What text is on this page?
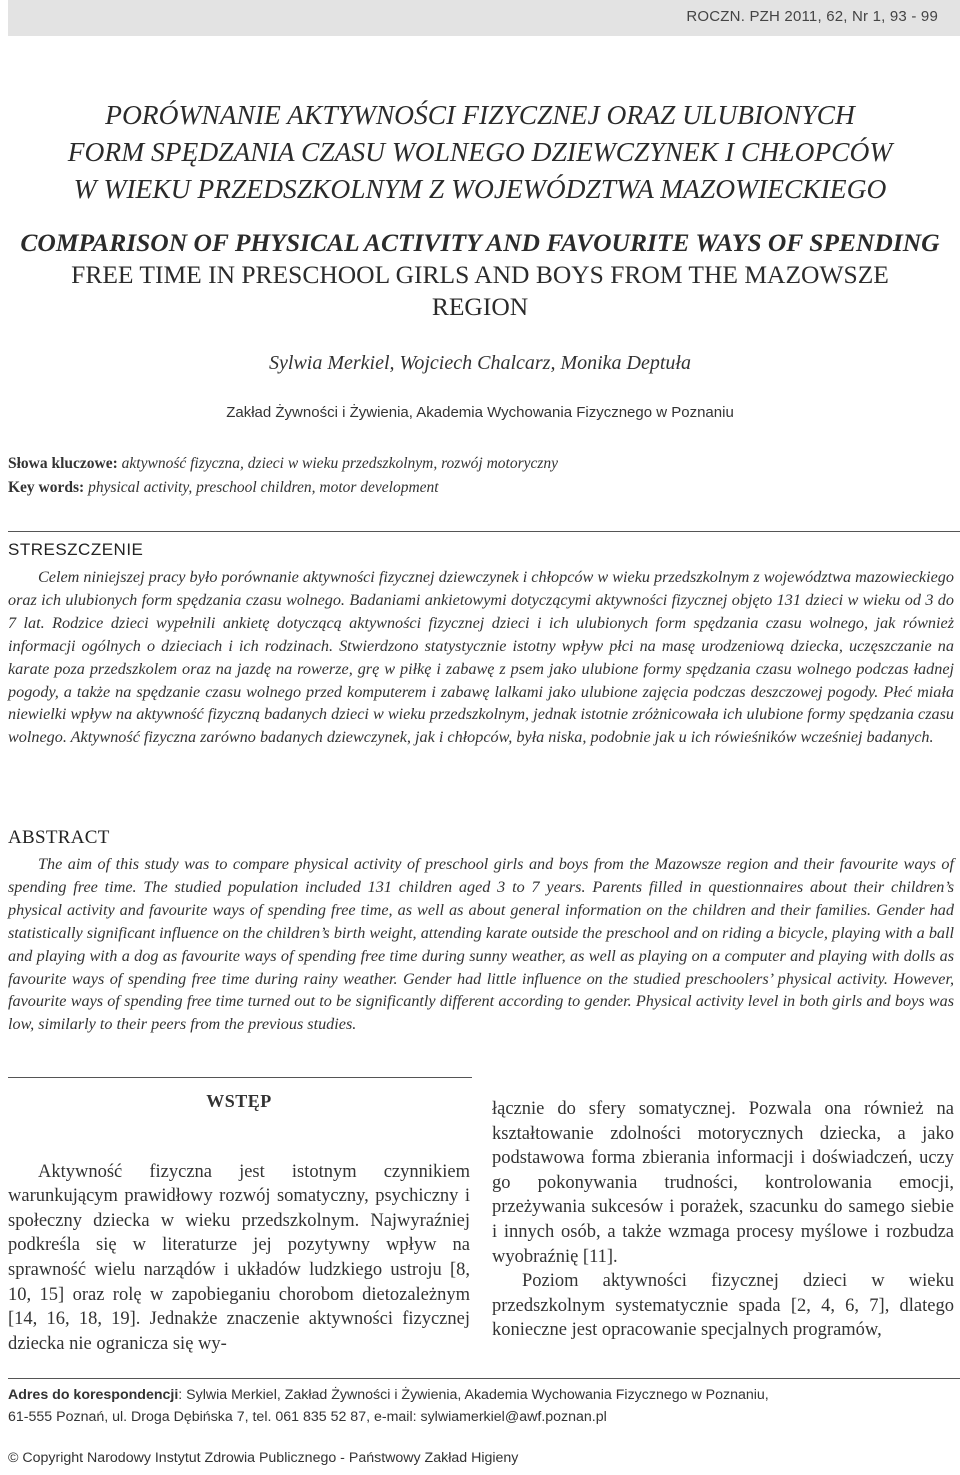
ROCZN. PZH 2011, 62, Nr 1, 93 - 99
PORÓWNANIE AKTYWNOŚCI FIZYCZNEJ ORAZ ULUBIONYCH
FORM SPĘDZANIA CZASU WOLNEGO DZIEWCZYNEK I CHŁOPCÓW
W WIEKU PRZEDSZKOLNYM Z WOJEWÓDZTWA MAZOWIECKIEGO
COMPARISON OF PHYSICAL ACTIVITY AND FAVOURITE WAYS OF SPENDING
FREE TIME IN PRESCHOOL GIRLS AND BOYS FROM THE MAZOWSZE
REGION
Sylwia Merkiel, Wojciech Chalcarz, Monika Deptuła
Zakład Żywności i Żywienia, Akademia Wychowania Fizycznego w Poznaniu
Słowa kluczowe: aktywność fizyczna, dzieci w wieku przedszkolnym, rozwój motoryczny
Key words: physical activity, preschool children, motor development
STRESZCZENIE

Celem niniejszej pracy było porównanie aktywności fizycznej dziewczynek i chłopców w wieku przedszkolnym z województwa mazowieckiego oraz ich ulubionych form spędzania czasu wolnego. Badaniami ankietowymi dotyczącymi aktywności fizycznej objęto 131 dzieci w wieku od 3 do 7 lat. Rodzice dzieci wypełnili ankietę dotyczącą aktywności fizycznej dzieci i ich ulubionych form spędzania czasu wolnego, jak również informacji ogólnych o dzieciach i ich rodzinach. Stwierdzono statystycznie istotny wpływ płci na masę urodzeniową dziecka, uczęszczanie na karate poza przedszkolem oraz na jazdę na rowerze, grę w piłkę i zabawę z psem jako ulubione formy spędzania czasu wolnego podczas ładnej pogody, a także na spędzanie czasu wolnego przed komputerem i zabawę lalkami jako ulubione zajęcia podczas deszczowej pogody. Płeć miała niewielki wpływ na aktywność fizyczną badanych dzieci w wieku przedszkolnym, jednak istotnie zróżnicowała ich ulubione formy spędzania czasu wolnego. Aktywność fizyczna zarówno badanych dziewczynek, jak i chłopców, była niska, podobnie jak u ich rówieśników wcześniej badanych.

ABSTRACT

The aim of this study was to compare physical activity of preschool girls and boys from the Mazowsze region and their favourite ways of spending free time. The studied population included 131 children aged 3 to 7 years. Parents filled in questionnaires about their children’s physical activity and favourite ways of spending free time, as well as about general information on the children and their families. Gender had statistically significant influence on the children’s birth weight, attending karate outside the preschool and on riding a bicycle, playing with a ball and playing with a dog as favourite ways of spending free time during sunny weather, as well as playing on a computer and playing with dolls as favourite ways of spending free time during rainy weather. Gender had little influence on the studied preschoolers’ physical activity. However, favourite ways of spending free time turned out to be significantly different according to gender. Physical activity level in both girls and boys was low, similarly to their peers from the previous studies.

WSTĘP

Aktywność fizyczna jest istotnym czynnikiem warunkującym prawidłowy rozwój somatyczny, psychiczny i społeczny dziecka w wieku przedszkolnym. Najwyraźniej podkreśla się w literaturze jej pozytywny wpływ na sprawność wielu narządów i układów ludzkiego ustroju [8, 10, 15] oraz rolę w zapobieganiu chorobom dietozależnym [14, 16, 18, 19]. Jednakże znaczenie aktywności fizycznej dziecka nie ogranicza się wy-

łącznie do sfery somatycznej. Pozwala ona również na kształtowanie zdolności motorycznych dziecka, a jako podstawowa forma zbierania informacji i doświadczeń, uczy go pokonywania trudności, kontrolowania emocji, przeżywania sukcesów i porażek, szacunku do samego siebie i innych osób, a także wzmaga procesy myślowe i rozbudza wyobraźnię [11].

Poziom aktywności fizycznej dzieci w wieku przedszkolnym systematycznie spada [2, 4, 6, 7], dlatego konieczne jest opracowanie specjalnych programów,

Adres do korespondencji: Sylwia Merkiel, Zakład Żywności i Żywienia, Akademia Wychowania Fizycznego w Poznaniu,
61-555 Poznań, ul. Droga Dębińska 7, tel. 061 835 52 87, e-mail: sylwiamerkiel@awf.poznan.pl
© Copyright Narodowy Instytut Zdrowia Publicznego - Państwowy Zakład Higieny
